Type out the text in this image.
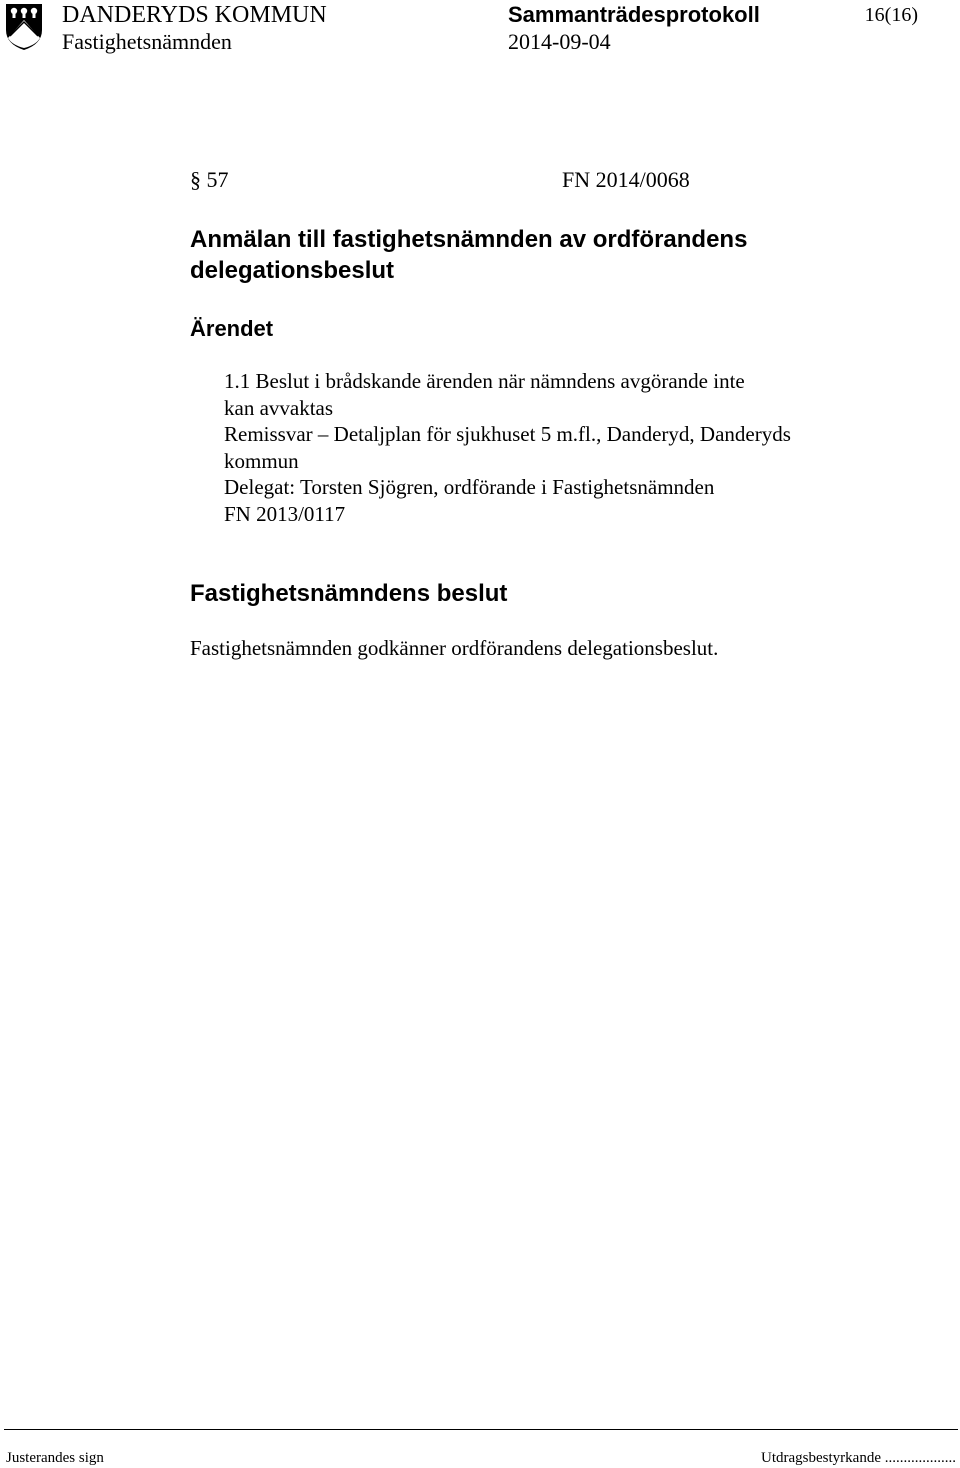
DANDERYDS KOMMUN
Fastighetsnämnden
Sammanträdesprotokoll
2014-09-04
16(16)
§ 57	FN 2014/0068
Anmälan till fastighetsnämnden av ordförandens delegationsbeslut
Ärendet
1.1 Beslut i brådskande ärenden när nämndens avgörande inte
kan avvaktas
Remissvar – Detaljplan för sjukhuset 5 m.fl., Danderyd, Danderyds
kommun
Delegat: Torsten Sjögren, ordförande i Fastighetsnämnden
FN 2013/0117
Fastighetsnämndens beslut
Fastighetsnämnden godkänner ordförandens delegationsbeslut.
Justerandes sign	Utdragsbestyrkande ...................
